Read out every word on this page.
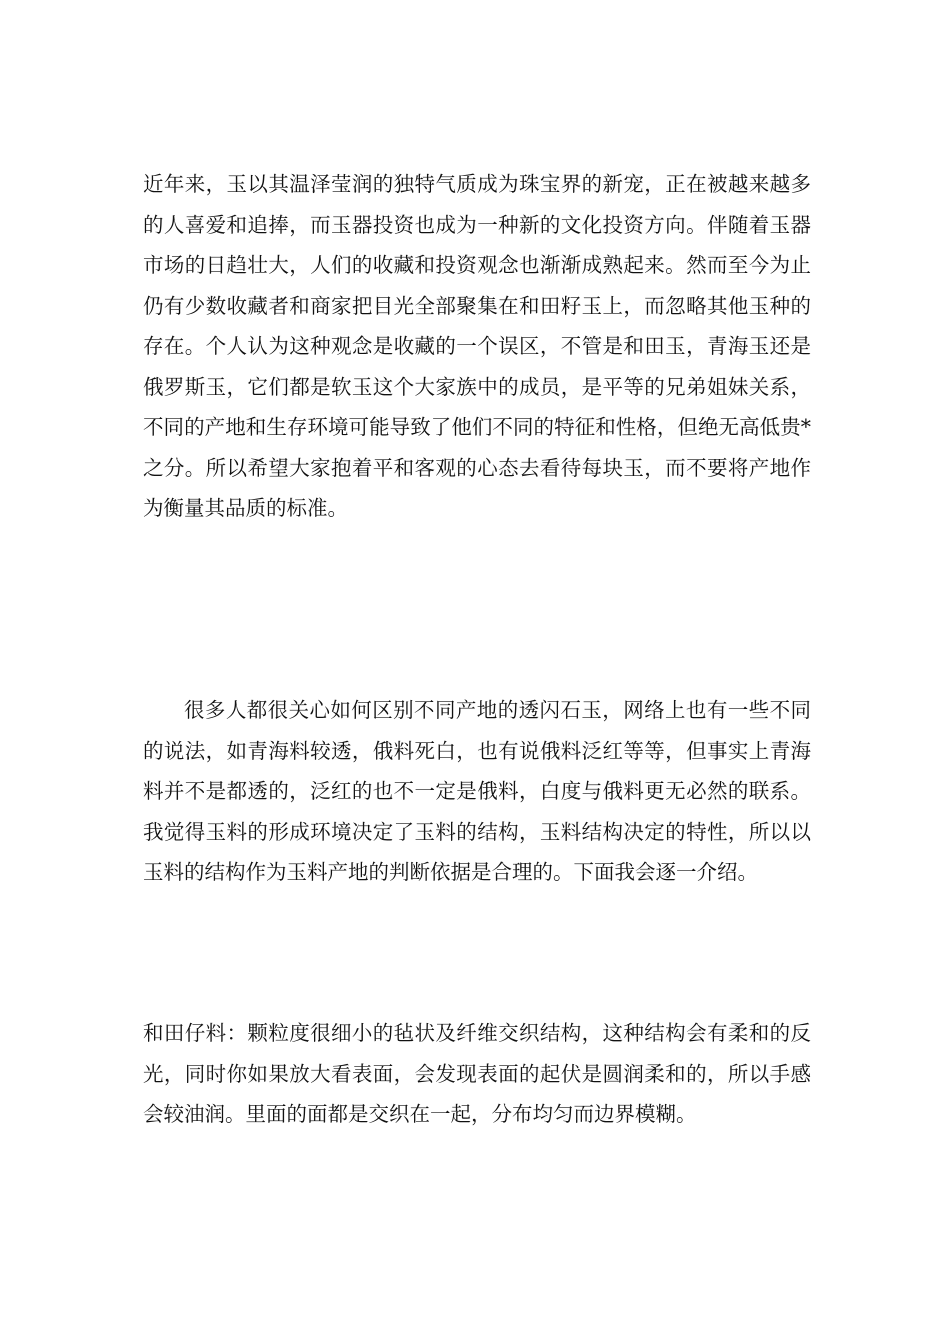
近年来，玉以其温泽莹润的独特气质成为珠宝界的新宠，正在被越来越多的人喜爱和追捧，而玉器投资也成为一种新的文化投资方向。伴随着玉器市场的日趋壮大，人们的收藏和投资观念也渐渐成熟起来。然而至今为止仍有少数收藏者和商家把目光全部聚集在和田籽玉上，而忽略其他玉种的存在。个人认为这种观念是收藏的一个误区，不管是和田玉，青海玉还是俄罗斯玉，它们都是软玉这个大家族中的成员，是平等的兄弟姐妹关系，不同的产地和生存环境可能导致了他们不同的特征和性格，但绝无高低贵*之分。所以希望大家抱着平和客观的心态去看待每块玉，而不要将产地作为衡量其品质的标准。

很多人都很关心如何区别不同产地的透闪石玉，网络上也有一些不同的说法，如青海料较透，俄料死白，也有说俄料泛红等等，但事实上青海料并不是都透的，泛红的也不一定是俄料，白度与俄料更无必然的联系。我觉得玉料的形成环境决定了玉料的结构，玉料结构决定的特性，所以以玉料的结构作为玉料产地的判断依据是合理的。下面我会逐一介绍。

和田仔料：颗粒度很细小的毡状及纤维交织结构，这种结构会有柔和的反光，同时你如果放大看表面，会发现表面的起伏是圆润柔和的，所以手感会较油润。里面的面都是交织在一起，分布均匀而边界模糊。
